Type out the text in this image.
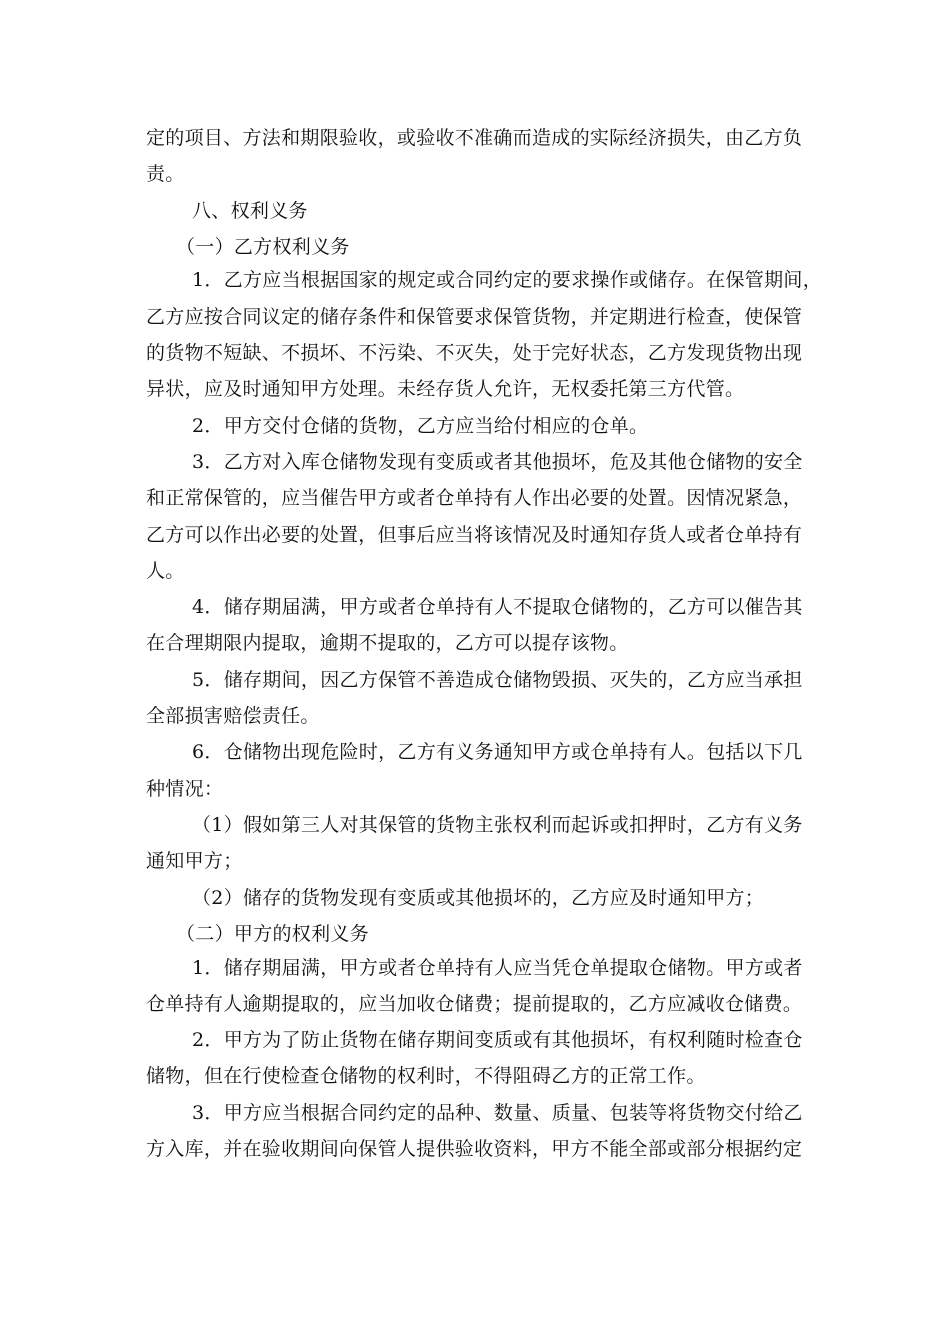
定的项目、方法和期限验收，或验收不准确而造成的实际经济损失，由乙方负
责。
八、权利义务
（一）乙方权利义务
1．乙方应当根据国家的规定或合同约定的要求操作或储存。在保管期间，
乙方应按合同议定的储存条件和保管要求保管货物，并定期进行检查，使保管
的货物不短缺、不损坏、不污染、不灭失，处于完好状态，乙方发现货物出现
异状，应及时通知甲方处理。未经存货人允许，无权委托第三方代管。
2．甲方交付仓储的货物，乙方应当给付相应的仓单。
3．乙方对入库仓储物发现有变质或者其他损坏，危及其他仓储物的安全
和正常保管的，应当催告甲方或者仓单持有人作出必要的处置。因情况紧急，
乙方可以作出必要的处置，但事后应当将该情况及时通知存货人或者仓单持有
人。
4．储存期届满，甲方或者仓单持有人不提取仓储物的，乙方可以催告其
在合理期限内提取，逾期不提取的，乙方可以提存该物。
5．储存期间，因乙方保管不善造成仓储物毁损、灭失的，乙方应当承担
全部损害赔偿责任。
6．仓储物出现危险时，乙方有义务通知甲方或仓单持有人。包括以下几
种情况：
（1）假如第三人对其保管的货物主张权利而起诉或扣押时，乙方有义务
通知甲方；
（2）储存的货物发现有变质或其他损坏的，乙方应及时通知甲方；
（二）甲方的权利义务
1．储存期届满，甲方或者仓单持有人应当凭仓单提取仓储物。甲方或者
仓单持有人逾期提取的，应当加收仓储费；提前提取的，乙方应减收仓储费。
2．甲方为了防止货物在储存期间变质或有其他损坏，有权利随时检查仓
储物，但在行使检查仓储物的权利时，不得阻碍乙方的正常工作。
3．甲方应当根据合同约定的品种、数量、质量、包装等将货物交付给乙
方入库，并在验收期间向保管人提供验收资料，甲方不能全部或部分根据约定
